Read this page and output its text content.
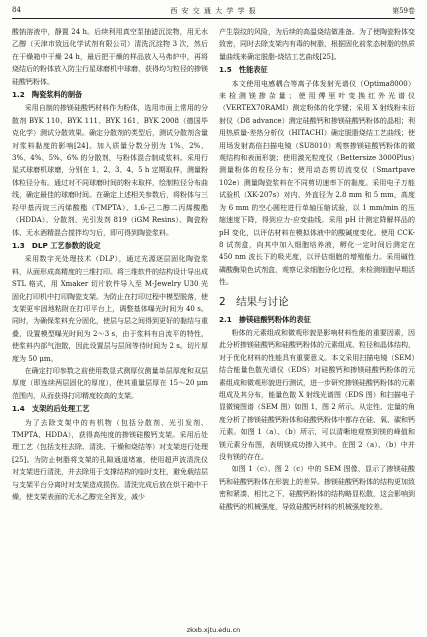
84	西 安 交 通 大 学 学 报	第59卷

酸钠溶液中，静置 24 h。后续利用真空泵抽滤沉淀物，用无水乙醇（天津市致远化学试剂有限公司）清洗沉淀物 3 次，然后在干燥箱中干燥 24 h，最后把干燥的样品放入马弗炉中，再将烧结后的粉体放入防尘行星球磨机中球磨，获得均匀粒径的掺镁硅酸钙粉体。

1.2　陶瓷浆料的制备

采用自制的掺镁硅酸钙材料作为粉体，选用市面上常用的分散剂 BYK 110、BYK 111、BYK 161、BYK 2008（德国毕克化学）测试分散效果。确定分散剂的类型后，测试分散剂含量对浆料黏度的影响[24]。加入质量分数分别为 1%、2%、3%、4%、5%、6% 的分散剂，与粉体混合制成浆料。采用行星式球磨机球磨，分别在 1、2、3、4、5 h 定期取样，测量粉体粒径分布。通过对不同球磨时间的粉末取样，绘制粒径分布曲线，确定最佳的球磨时间。在确定上述相关参数后，将粉体与三羟甲基丙烷三丙烯酸酯（TMPTA）、1,6-己二醇二丙烯酸酯（HDDA）、分散剂、光引发剂 819（iGM Resins）、陶瓷粉体、无水酒精混合搅拌均匀后，即可得到陶瓷浆料。

1.3　DLP 工艺参数的设定

采用数字光处理技术（DLP），通过光源逐层固化陶瓷浆料，从面形成高精度的三维打印。将三维软件的结构设计导出成 STL 格式，用 Xmaker 切片软件导入至 M-Jewelry U30 光固化打印机中打印陶瓷支架。为防止在打印过程中模型脱落，使支架更牢固地粘附在打印平台上，调整基体曝光时间为 40 s。同时，为确保浆料充分固化，使层与层之间得到更好的黏结与重叠，设置模型曝光时间为 2～3 s，由于浆料有自流平的特性，使浆料内部气泡散，因此设置层与层间等待时间为 2 s。切片厚度为 50 μm。

在确定打印参数之前使用数显式测厚仪测量单层厚度和双层厚度（即连续两层固化的厚度），使其重量层厚在 15～20 μm 范围内，从而获得打印精度较高的支架。

1.4　支架的后处理工艺

为了去除支架中的有机物（包括分散剂、光引发剂、TMPTA、HDDA），获得高纯度的掺镁硅酸钙支架。采用后处理工艺（包括支柱去除、清洗、干燥和烧结等）对支架进行处理[25]。为防止树脂将支架的孔隙通道堵塞，使用超声波清洗仪对支架进行清洗，并去除用于支撑结构的临时支柱，避免载结层与支架平台分离时对支架造成损伤。清洗完成后放在烘干箱中干燥，使支架表面的无水乙醇完全挥发，减少

产生裂纹的风险，为后续的高温烧结做准备。为了使陶瓷粉体变致密，同时去除支架内有毒的树脂，根据固化前浆态树脂的热质量曲线来确定脱脂-烧结工艺曲线[25]。

1.5　性能表征

本文使用电感耦合等离子体发射光谱仪（Optima8000）来检测镁掺杂量；使用傅里叶变换红外光谱仪（VERTEX70RAMI）测定粉体的化学键；采用 X 射线粉末衍射仪（D8 advance）测定硅酸钙和掺镁硅酸钙粉体的晶相；利用热质量-差热分析仪（HITACHI）确定脱脂烧结工艺曲线；使用场发射高倍扫描电镜（SU8010）观察掺镁硅酸钙粉体的微观结构和表面形貌；使用激光粒度仪（Bettersize 3000Plus）测量粉体的粒径分布；使用动态剪切流变仪（Smartpave 102e）测量陶瓷浆料在不同剪切速率下的黏度。采用电子万能试验机（XK-207s）对内、外直径为 2.8 mm 和 5 mm，高度为 6 mm 的空心圆柱进行单轴压缩试验，以 1 mm/min 的压缩速度下降，得到应力-应变曲线。采用 pH 计测定降解样品的 pH 变化，以评估材料在模拟体液中的酸碱度变化。使用 CCK-8 试剂盒，向其中加入细胞培养液，孵化一定时间后测定在 450 nm 波长下的吸光度，以评估细胞的增殖能力。采用碱性磷酸酶染色试剂盒，观察记录细胞分化过程，来检测细胞早期活性。

2　结果与讨论
2.1　掺镁硅酸钙粉体的表征

粉体的元素组成和微观形貌是影响材料性能的重要因素，因此分析掺镁硅酸钙和硅酸钙粉体的元素组成、粒径和晶体结构，对于优化材料的性能具有重要意义。本文采用扫描电镜（SEM）结合能量色散光谱仪（EDS）对硅酸钙和掺镁硅酸钙粉体的元素组成和微观形貌进行测试，进一步研究掺镁硅酸钙粉体的元素组成及其分布，能量色散 X 射线光谱图（EDS 图）和扫描电子显微镜图谱（SEM 图）如图 1、图 2 所示。从定性、定量的角度分析了掺镁硅酸钙粉体和硅酸钙粉体中都存在硅、氧、碳和钙元素。如图 1（a）、（b）所示，可以清晰地观察到镁的峰值和镁元素分布图，表明镁成功掺入其中。在图 2（a）、（b）中并没有镁的存在。

如图 1（c）、图 2（c）中的 SEM 图像，显示了掺镁硅酸钙和硅酸钙粉体在形貌上的差异。掺镁硅酸钙粉体的结构更加致密和紧凑，相比之下，硅酸钙粉体的结构略显松散，这会影响到硅酸钙的机械强度，导致硅酸钙材料的机械强度较差。

zkxb.xjtu.edu.cn
